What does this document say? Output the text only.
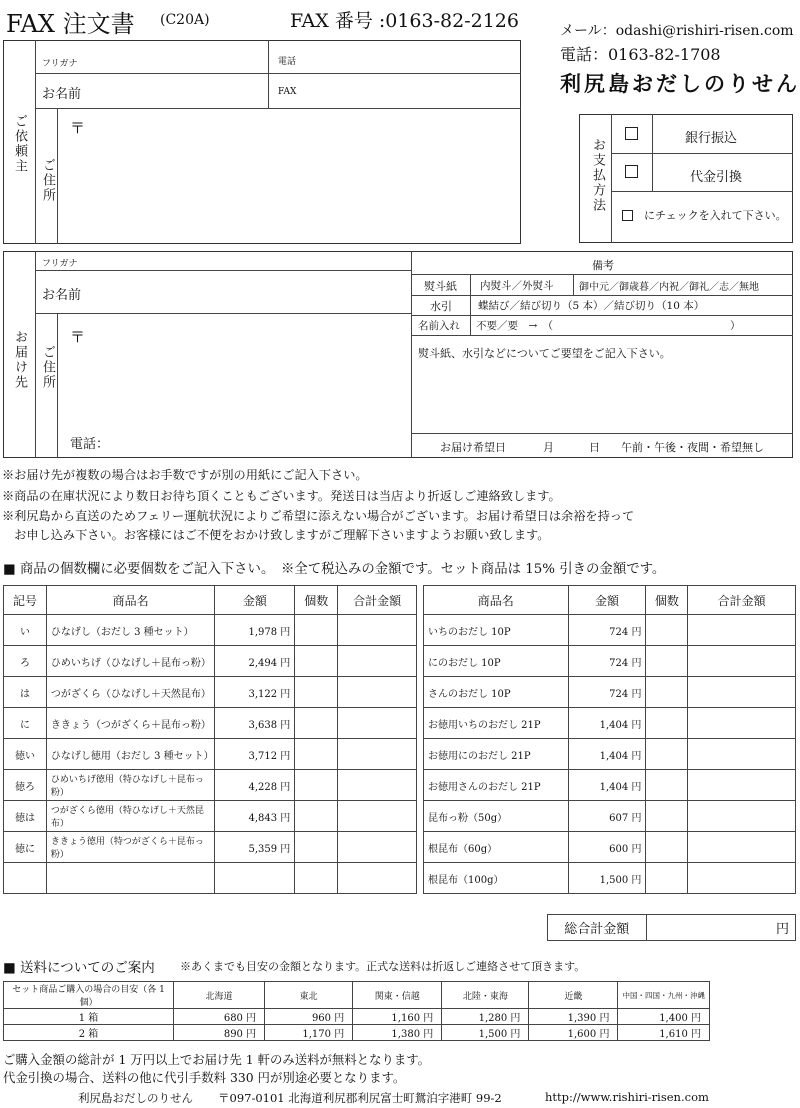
FAX 注文書 (C20A)	FAX 番号 :0163-82-2126	メール：odashi@rishiri-risen.com
電話：0163-82-1708
利尻島おだしのりせん
ご依頼主
フリガナ	電話
お名前	FAX
ご住所
〒
お支払方法	銀行振込
代金引換
にチェックを入れて下さい。
お届け先
フリガナ
お名前
ご住所
〒
電話：
備考
熨斗紙 内熨斗／外熨斗	御中元／御歳暮／内祝／御礼／志／無地
水引 蝶結び／結び切り（5 本）／結び切り（10 本）
名前入れ 不要／要　→　（	）
熨斗紙、水引などについてご要望をご記入下さい。
お届け希望日	月	日 午前・午後・夜間・希望無し
※お届け先が複数の場合はお手数ですが別の用紙にご記入下さい。
※商品の在庫状況により数日お待ち頂くこともございます。発送日は当店より折返しご連絡致します。
※利尻島から直送のためフェリー運航状況によりご希望に添えない場合がございます。お届け希望日は余裕を持って
　お申し込み下さい。お客様にはご不便をおかけ致しますがご理解下さいますようお願い致します。
■ 商品の個数欄に必要個数をご記入下さい。　※全て税込みの金額です。セット商品は 15% 引きの金額です。
記号	商品名	金額	個数	合計金額
い	ひなげし（おだし 3 種セット）	1,978 円		
ろ	ひめいちげ（ひなげし＋昆布っ粉）	2,494 円		
は	つがざくら（ひなげし＋天然昆布）	3,122 円		
に	ききょう（つがざくら＋昆布っ粉）	3,638 円		
徳い	ひなげし徳用（おだし 3 種セット）	3,712 円		
徳ろ	ひめいちげ徳用（特ひなげし＋昆布っ粉）	4,228 円		
徳は	つがざくら徳用（特ひなげし＋天然昆布）	4,843 円		
徳に	ききょう徳用（特つがざくら＋昆布っ粉）	5,359 円		

商品名	金額	個数	合計金額
いちのおだし 10P	724 円		
にのおだし 10P	724 円		
さんのおだし 10P	724 円		
お徳用いちのおだし 21P	1,404 円		
お徳用にのおだし 21P	1,404 円		
お徳用さんのおだし 21P	1,404 円		
昆布っ粉（50g）	607 円		
根昆布（60g）	600 円		
根昆布（100g）	1,500 円		
総合計金額	円
■ 送料についてのご案内 ※あくまでも目安の金額となります。正式な送料は折返しご連絡させて頂きます。
セット商品ご購入の場合の目安（各 1 個）	北海道	東北	関東・信越	北陸・東海	近畿	中国・四国・九州・沖縄
1 箱	680 円	960 円	1,160 円	1,280 円	1,390 円	1,400 円
2 箱	890 円	1,170 円	1,380 円	1,500 円	1,600 円	1,610 円
ご購入金額の総計が 1 万円以上でお届け先 1 軒のみ送料が無料となります。
代金引換の場合、送料の他に代引手数料 330 円が別途必要となります。
利尻島おだしのりせん 〒097-0101 北海道利尻郡利尻富士町鴛泊字港町 99-2	http://www.rishiri-risen.com
